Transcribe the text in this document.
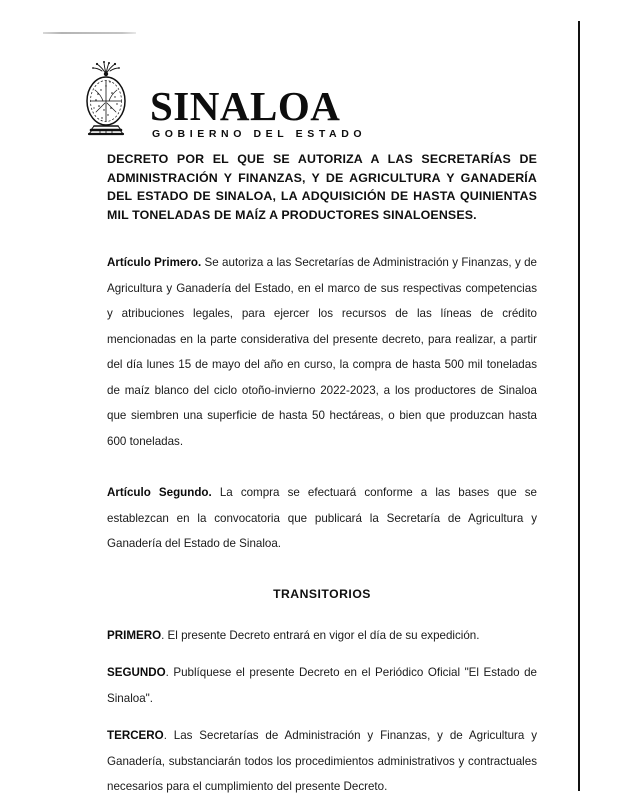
SINALOA
GOBIERNO DEL ESTADO

DECRETO POR EL QUE SE AUTORIZA A LAS SECRETARÍAS DE ADMINISTRACIÓN Y FINANZAS, Y DE AGRICULTURA Y GANADERÍA DEL ESTADO DE SINALOA, LA ADQUISICIÓN DE HASTA QUINIENTAS MIL TONELADAS DE MAÍZ A PRODUCTORES SINALOENSES.

Artículo Primero. Se autoriza a las Secretarías de Administración y Finanzas, y de Agricultura y Ganadería del Estado, en el marco de sus respectivas competencias y atribuciones legales, para ejercer los recursos de las líneas de crédito mencionadas en la parte considerativa del presente decreto, para realizar, a partir del día lunes 15 de mayo del año en curso, la compra de hasta 500 mil toneladas de maíz blanco del ciclo otoño-invierno 2022-2023, a los productores de Sinaloa que siembren una superficie de hasta 50 hectáreas, o bien que produzcan hasta 600 toneladas.

Artículo Segundo. La compra se efectuará conforme a las bases que se establezcan en la convocatoria que publicará la Secretaría de Agricultura y Ganadería del Estado de Sinaloa.

TRANSITORIOS

PRIMERO. El presente Decreto entrará en vigor el día de su expedición.

SEGUNDO. Publíquese el presente Decreto en el Periódico Oficial "El Estado de Sinaloa".

TERCERO. Las Secretarías de Administración y Finanzas, y de Agricultura y Ganadería, substanciarán todos los procedimientos administrativos y contractuales necesarios para el cumplimiento del presente Decreto.
